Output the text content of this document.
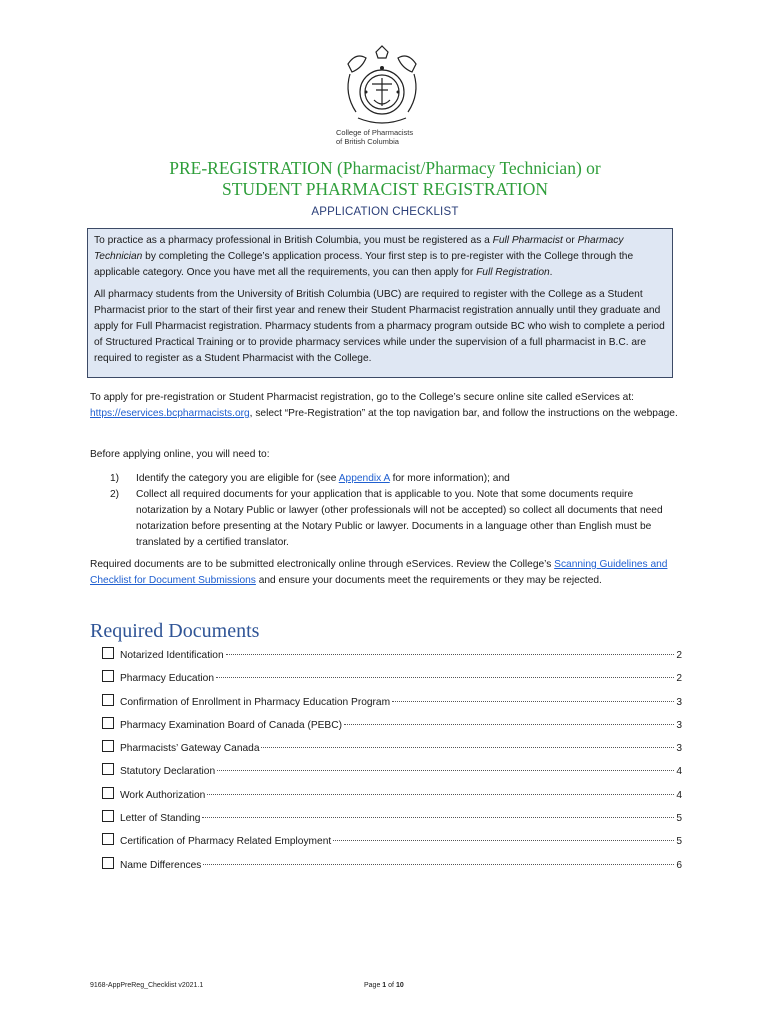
College of Pharmacists
of British Columbia
PRE-REGISTRATION (Pharmacist/Pharmacy Technician) or
STUDENT PHARMACIST REGISTRATION
APPLICATION CHECKLIST

To practice as a pharmacy professional in British Columbia, you must be registered as a Full Pharmacist or Pharmacy Technician by completing the College’s application process. Your first step is to pre-register with the College through the applicable category. Once you have met all the requirements, you can then apply for Full Registration.

All pharmacy students from the University of British Columbia (UBC) are required to register with the College as a Student Pharmacist prior to the start of their first year and renew their Student Pharmacist registration annually until they graduate and apply for Full Pharmacist registration. Pharmacy students from a pharmacy program outside BC who wish to complete a period of Structured Practical Training or to provide pharmacy services while under the supervision of a full pharmacist in B.C. are required to register as a Student Pharmacist with the College.

To apply for pre-registration or Student Pharmacist registration, go to the College’s secure online site called eServices at: https://eservices.bcpharmacists.org, select “Pre-Registration” at the top navigation bar, and follow the instructions on the webpage.
Before applying online, you will need to:
1)	Identify the category you are eligible for (see Appendix A for more information); and
2)	Collect all required documents for your application that is applicable to you. Note that some documents require notarization by a Notary Public or lawyer (other professionals will not be accepted) so collect all documents that need notarization before presenting at the Notary Public or lawyer. Documents in a language other than English must be translated by a certified translator.
Required documents are to be submitted electronically online through eServices. Review the College’s Scanning Guidelines and Checklist for Document Submissions and ensure your documents meet the requirements or they may be rejected.
Required Documents
Notarized Identification	2
Pharmacy Education	2
Confirmation of Enrollment in Pharmacy Education Program	3
Pharmacy Examination Board of Canada (PEBC)	3
Pharmacists’ Gateway Canada	3
Statutory Declaration	4
Work Authorization	4
Letter of Standing	5
Certification of Pharmacy Related Employment	5
Name Differences	6
9168-AppPreReg_Checklist v2021.1	Page 1 of 10
